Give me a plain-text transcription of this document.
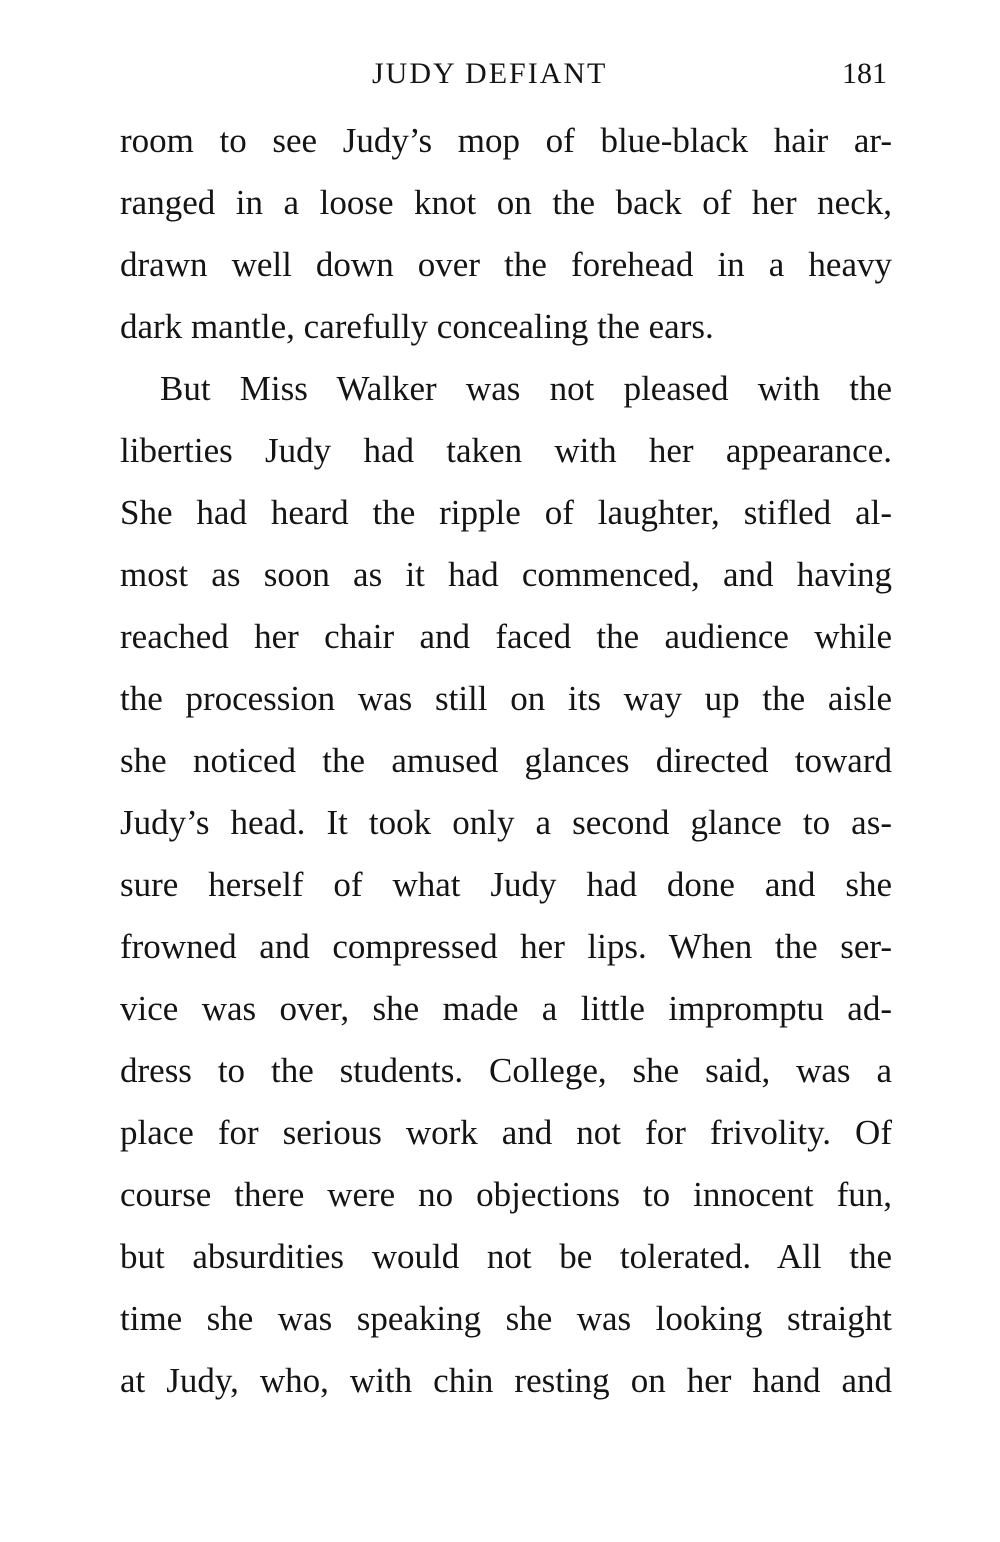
JUDY DEFIANT	181
room to see Judy’s mop of blue-black hair ar-
ranged in a loose knot on the back of her neck,
drawn well down over the forehead in a heavy
dark mantle, carefully concealing the ears.
But Miss Walker was not pleased with the
liberties Judy had taken with her appearance.
She had heard the ripple of laughter, stifled al-
most as soon as it had commenced, and having
reached her chair and faced the audience while
the procession was still on its way up the aisle
she noticed the amused glances directed toward
Judy’s head. It took only a second glance to as-
sure herself of what Judy had done and she
frowned and compressed her lips. When the ser-
vice was over, she made a little impromptu ad-
dress to the students. College, she said, was a
place for serious work and not for frivolity. Of
course there were no objections to innocent fun,
but absurdities would not be tolerated. All the
time she was speaking she was looking straight
at Judy, who, with chin resting on her hand and
